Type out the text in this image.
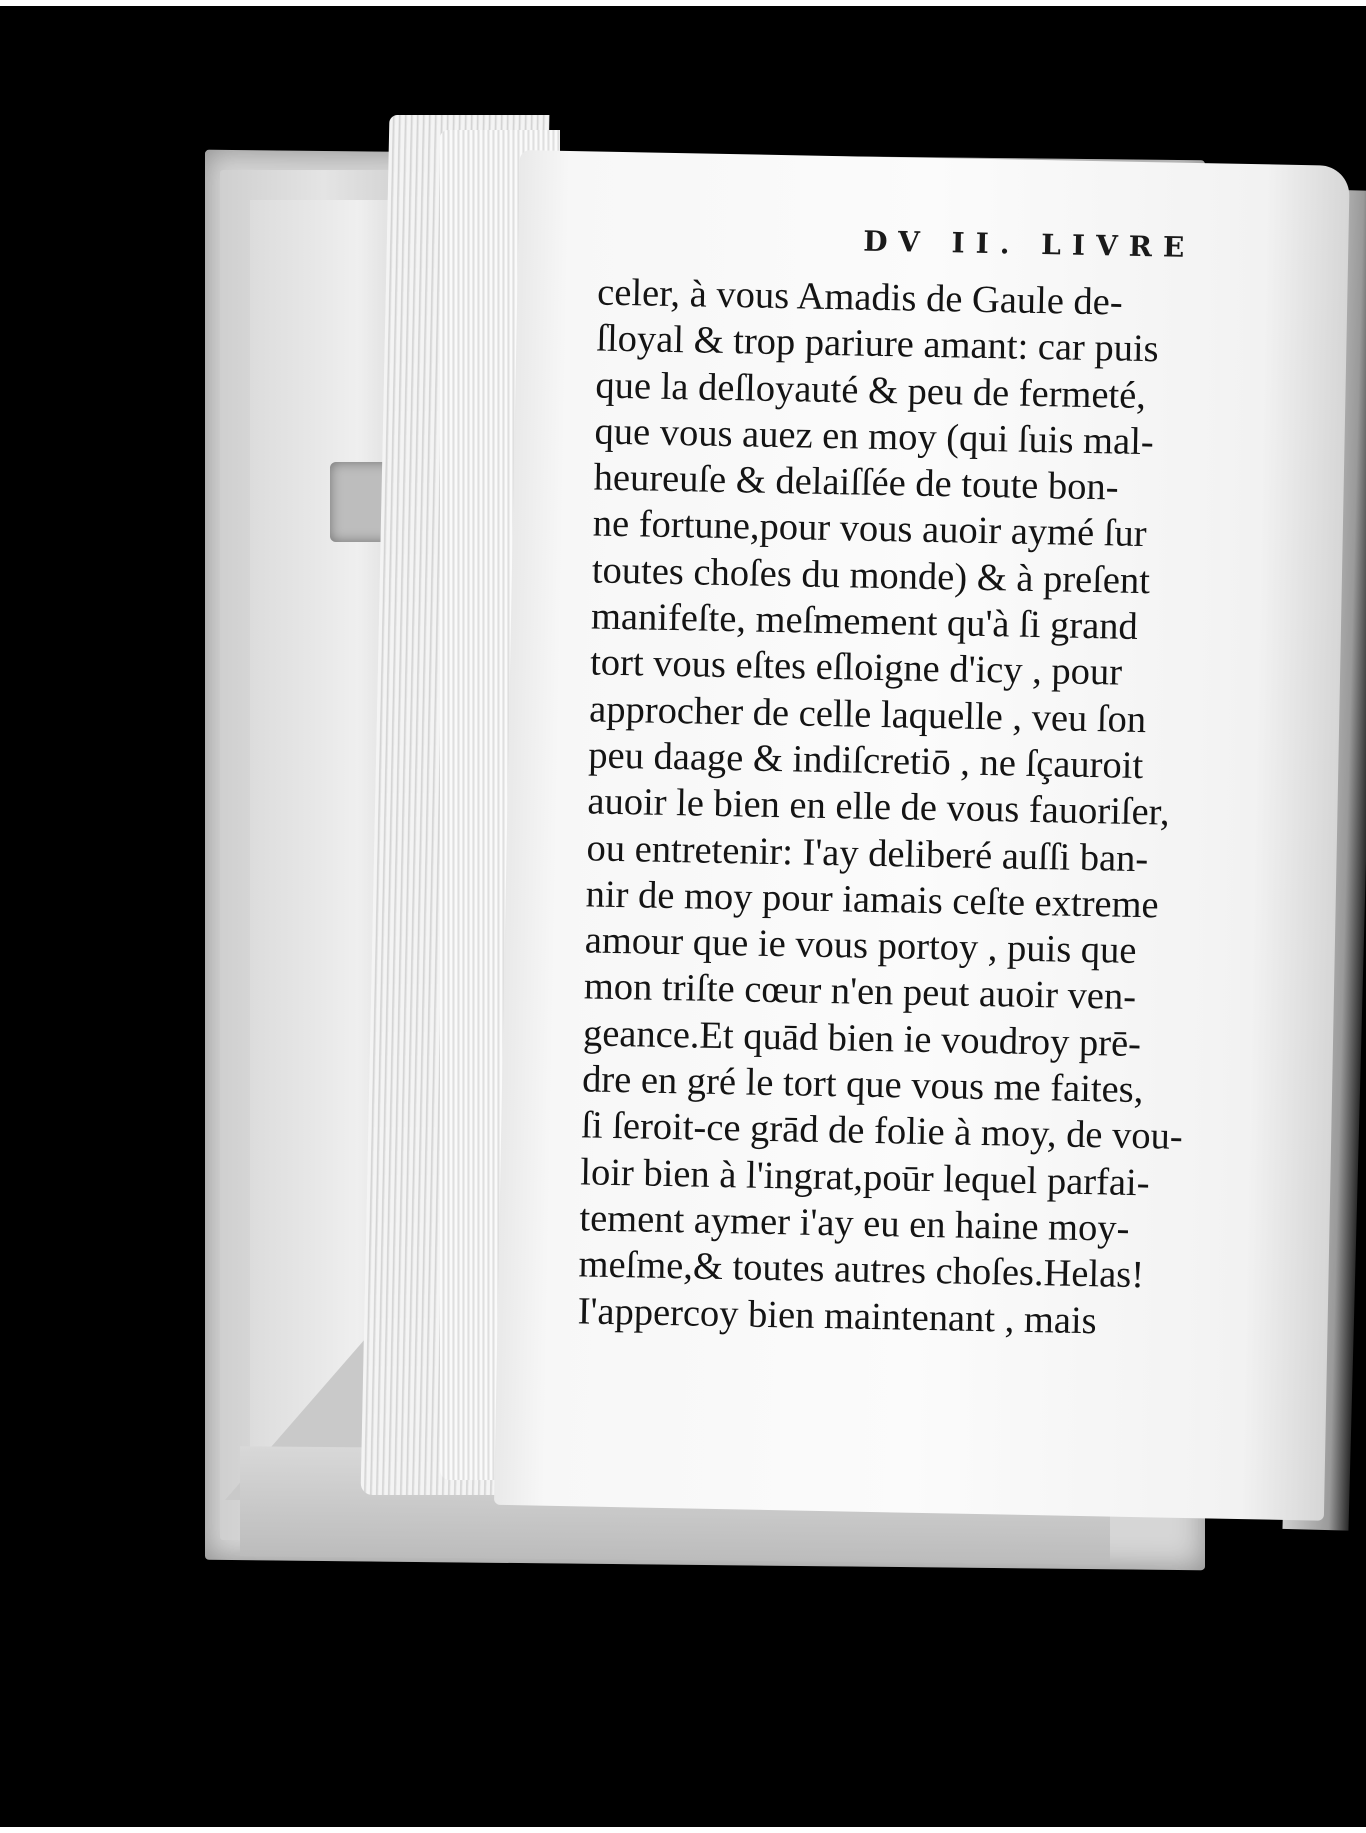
DV II. LIVRE
celer, à vous Amadis de Gaule de-
ſloyal & trop pariure amant: car puis
que la deſloyauté & peu de fermeté,
que vous auez en moy (qui ſuis mal-
heureuſe & delaiſſée de toute bon-
ne fortune,pour vous auoir aymé ſur
toutes choſes du monde) & à preſent
manifeſte, meſmement qu'à ſi grand
tort vous eſtes eſloigne d'icy , pour
approcher de celle laquelle , veu ſon
peu daage & indiſcretiō , ne ſçauroit
auoir le bien en elle de vous fauoriſer,
ou entretenir: I'ay deliberé auſſi ban-
nir de moy pour iamais ceſte extreme
amour que ie vous portoy , puis que
mon triſte cœur n'en peut auoir ven-
geance.Et quād bien ie voudroy prē-
dre en gré le tort que vous me faites,
ſi ſeroit-ce grād de folie à moy, de vou-
loir bien à l'ingrat,poūr lequel parfai-
tement aymer i'ay eu en haine moy-
meſme,& toutes autres choſes.Helas!
I'appercoy bien maintenant , mais
